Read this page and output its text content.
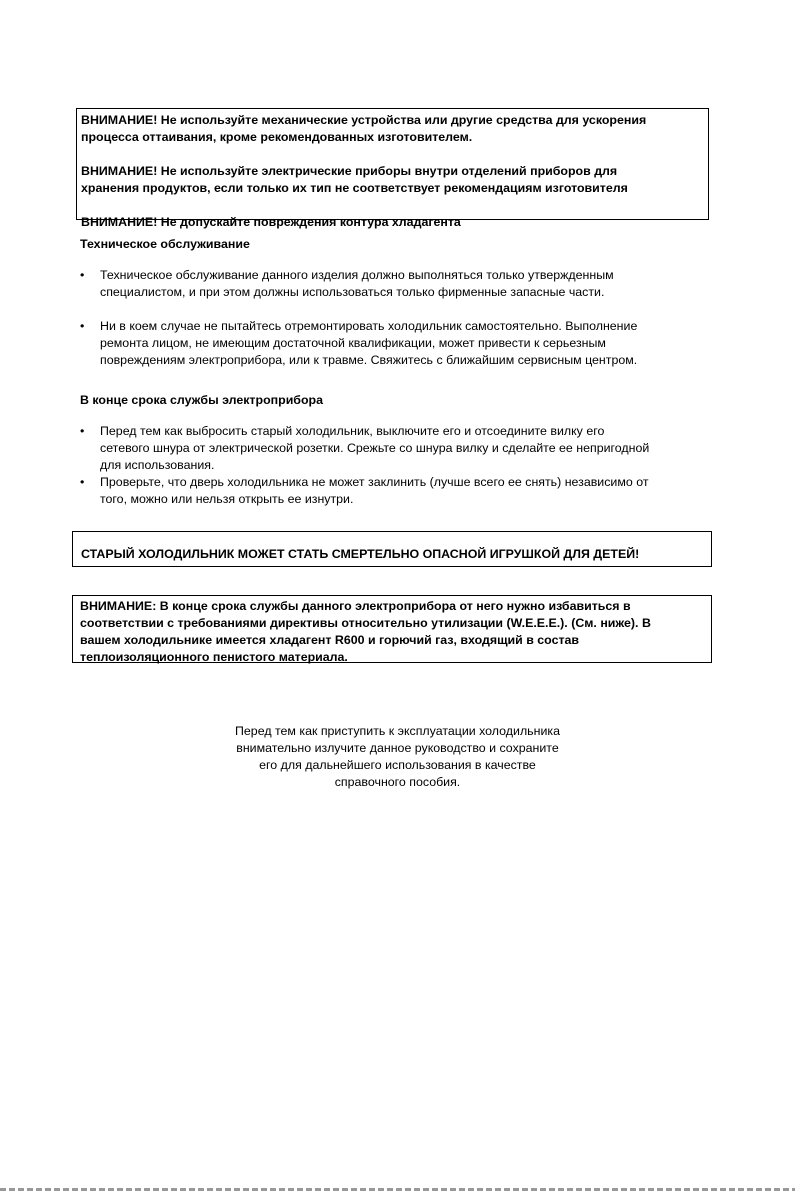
ВНИМАНИЕ! Не используйте механические устройства или другие средства для ускорения

процесса оттаивания, кроме рекомендованных изготовителем.

ВНИМАНИЕ! Не используйте электрические приборы внутри отделений приборов для

хранения продуктов, если только их тип не соответствует рекомендациям изготовителя

ВНИМАНИЕ! Не допускайте повреждения контура хладагента

Техническое обслуживание
•	Техническое обслуживание данного изделия должно выполняться только утвержденным

специалистом, и при этом должны использоваться только фирменные запасные части.

•	Ни в коем случае не пытайтесь отремонтировать холодильник самостоятельно. Выполнение

ремонта лицом, не имеющим достаточной квалификации, может привести к серьезным

повреждениям электроприбора, или к травме. Свяжитесь с ближайшим сервисным центром.

В конце срока службы электроприбора
•	Перед тем как выбросить старый холодильник, выключите его и отсоедините вилку его

сетевого шнура от электрической розетки. Срежьте со шнура вилку и сделайте ее непригодной

для использования.

•	Проверьте, что дверь холодильника не может заклинить (лучше всего ее снять) независимо от

того, можно или нельзя открыть ее изнутри.

СТАРЫЙ ХОЛОДИЛЬНИК МОЖЕТ СТАТЬ СМЕРТЕЛЬНО ОПАСНОЙ ИГРУШКОЙ ДЛЯ ДЕТЕЙ!

ВНИМАНИЕ: В конце срока службы данного электроприбора от него нужно избавиться в

соответствии с требованиями директивы относительно утилизации (W.E.E.E.). (См. ниже). В

вашем холодильнике имеется хладагент R600 и горючий газ, входящий в состав

теплоизоляционного пенистого материала.

Перед тем как приступить к эксплуатации холодильника

внимательно излучите данное руководство и сохраните

его для дальнейшего использования в качестве

справочного пособия.
